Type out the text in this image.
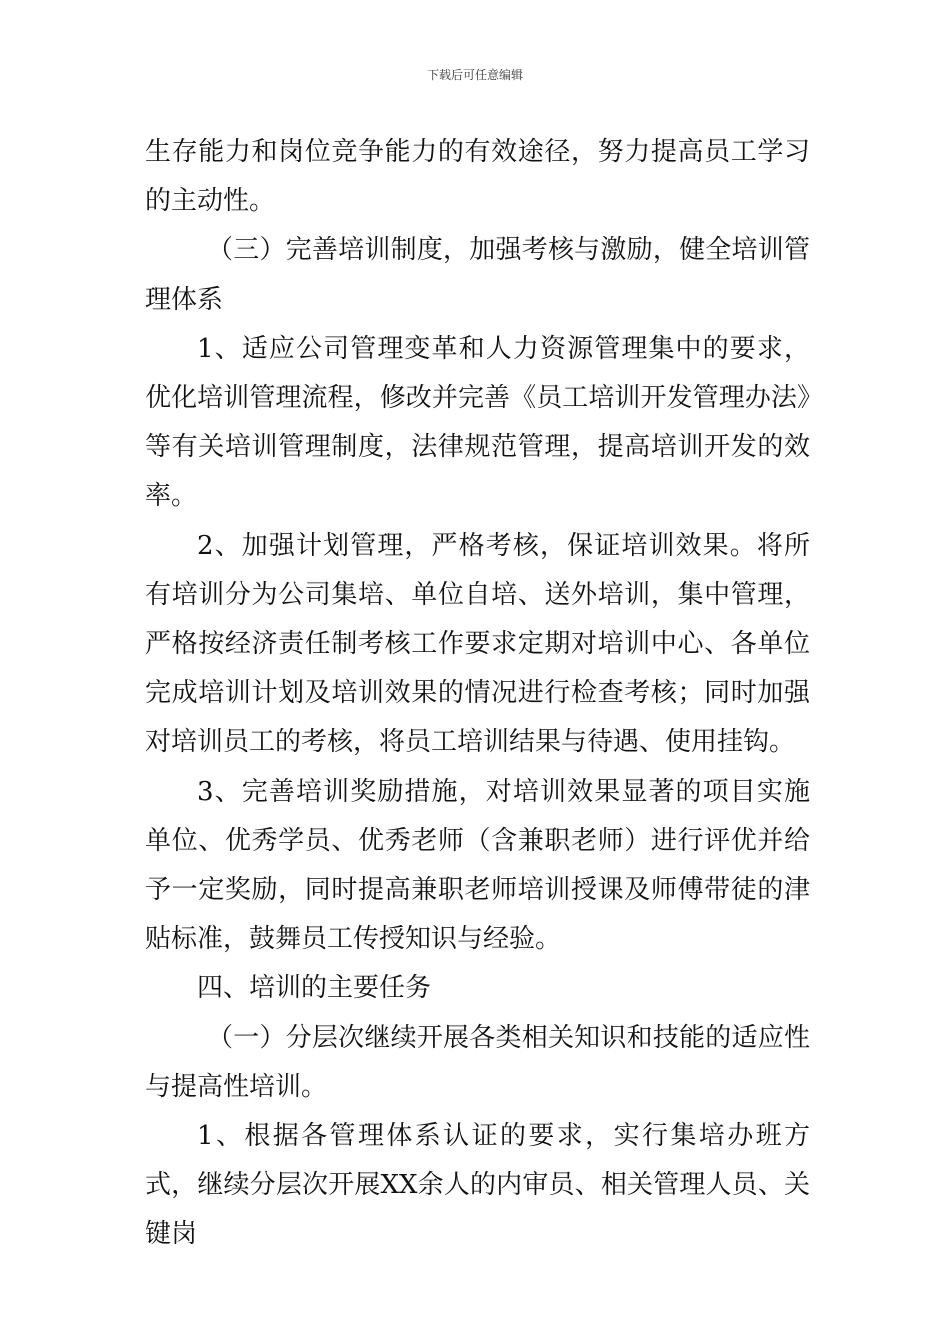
下载后可任意编辑

生存能力和岗位竞争能力的有效途径，努力提高员工学习的主动性。

（三）完善培训制度，加强考核与激励，健全培训管理体系

1、适应公司管理变革和人力资源管理集中的要求，优化培训管理流程，修改并完善《员工培训开发管理办法》等有关培训管理制度，法律规范管理，提高培训开发的效率。

2、加强计划管理，严格考核，保证培训效果。将所有培训分为公司集培、单位自培、送外培训，集中管理，严格按经济责任制考核工作要求定期对培训中心、各单位完成培训计划及培训效果的情况进行检查考核；同时加强对培训员工的考核，将员工培训结果与待遇、使用挂钩。

3、完善培训奖励措施，对培训效果显著的项目实施单位、优秀学员、优秀老师（含兼职老师）进行评优并给予一定奖励，同时提高兼职老师培训授课及师傅带徒的津贴标准，鼓舞员工传授知识与经验。

四、培训的主要任务

（一）分层次继续开展各类相关知识和技能的适应性与提高性培训。

1、根据各管理体系认证的要求，实行集培办班方式，继续分层次开展XX余人的内审员、相关管理人员、关键岗
